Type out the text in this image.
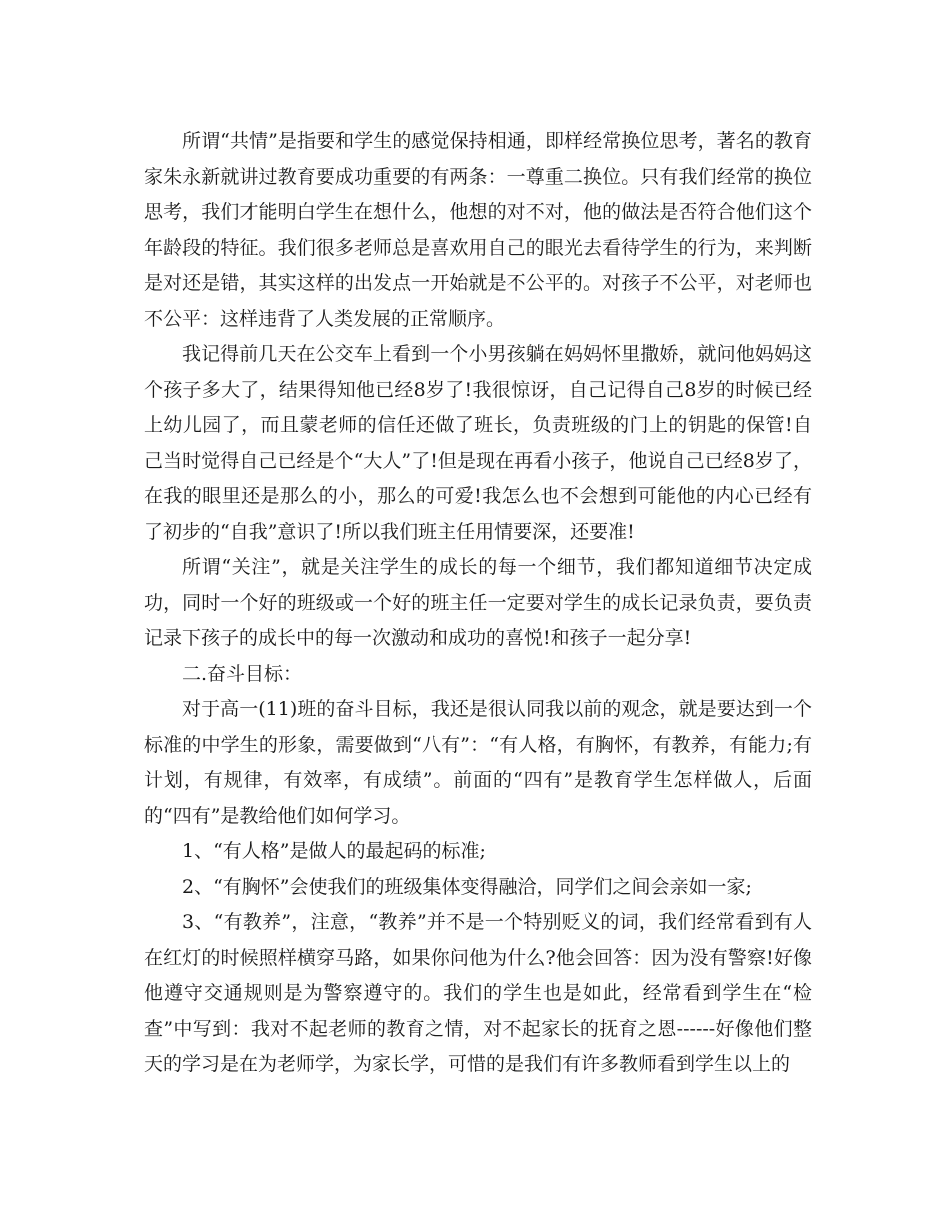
所谓“共情”是指要和学生的感觉保持相通，即样经常换位思考，著名的教育家朱永新就讲过教育要成功重要的有两条：一尊重二换位。只有我们经常的换位思考，我们才能明白学生在想什么，他想的对不对，他的做法是否符合他们这个年龄段的特征。我们很多老师总是喜欢用自己的眼光去看待学生的行为，来判断是对还是错，其实这样的出发点一开始就是不公平的。对孩子不公平，对老师也不公平：这样违背了人类发展的正常顺序。

我记得前几天在公交车上看到一个小男孩躺在妈妈怀里撒娇，就问他妈妈这个孩子多大了，结果得知他已经8岁了!我很惊讶，自己记得自己8岁的时候已经上幼儿园了，而且蒙老师的信任还做了班长，负责班级的门上的钥匙的保管!自己当时觉得自己已经是个“大人”了!但是现在再看小孩子，他说自己已经8岁了，在我的眼里还是那么的小，那么的可爱!我怎么也不会想到可能他的内心已经有了初步的“自我”意识了!所以我们班主任用情要深，还要准!

所谓“关注”，就是关注学生的成长的每一个细节，我们都知道细节决定成功，同时一个好的班级或一个好的班主任一定要对学生的成长记录负责，要负责记录下孩子的成长中的每一次激动和成功的喜悦!和孩子一起分享!

二.奋斗目标：

对于高一(11)班的奋斗目标，我还是很认同我以前的观念，就是要达到一个标准的中学生的形象，需要做到“八有”：“有人格，有胸怀，有教养，有能力;有计划，有规律，有效率，有成绩”。前面的“四有”是教育学生怎样做人，后面的“四有”是教给他们如何学习。

1、“有人格”是做人的最起码的标准;

2、“有胸怀”会使我们的班级集体变得融洽，同学们之间会亲如一家;

3、“有教养”，注意，“教养”并不是一个特别贬义的词，我们经常看到有人在红灯的时候照样横穿马路，如果你问他为什么?他会回答：因为没有警察!好像他遵守交通规则是为警察遵守的。我们的学生也是如此，经常看到学生在“检查”中写到：我对不起老师的教育之情，对不起家长的抚育之恩------好像他们整天的学习是在为老师学，为家长学，可惜的是我们有许多教师看到学生以上的
